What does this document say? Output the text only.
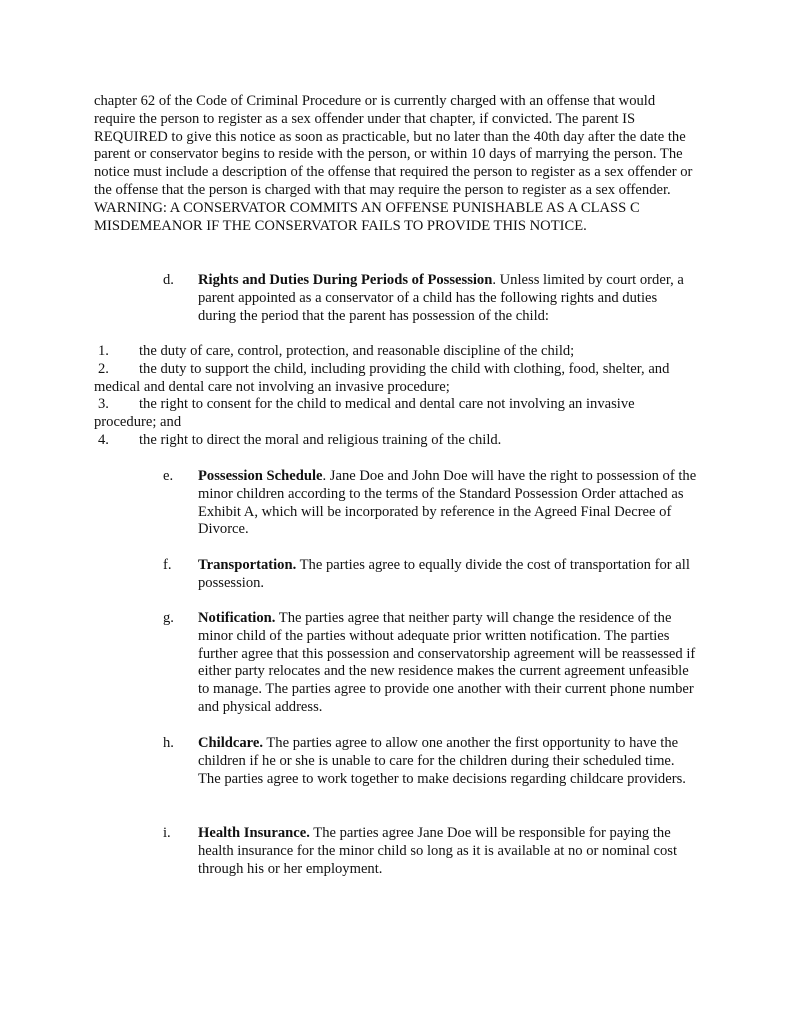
chapter 62 of the Code of Criminal Procedure or is currently charged with an offense that would require the person to register as a sex offender under that chapter, if convicted. The parent IS REQUIRED to give this notice as soon as practicable, but no later than the 40th day after the date the parent or conservator begins to reside with the person, or within 10 days of marrying the person. The notice must include a description of the offense that required the person to register as a sex offender or the offense that the person is charged with that may require the person to register as a sex offender. WARNING: A CONSERVATOR COMMITS AN OFFENSE PUNISHABLE AS A CLASS C MISDEMEANOR IF THE CONSERVATOR FAILS TO PROVIDE THIS NOTICE.

d.	Rights and Duties During Periods of Possession. Unless limited by court order, a parent appointed as a conservator of a child has the following rights and duties during the period that the parent has possession of the child:
1. the duty of care, control, protection, and reasonable discipline of the child;
2. the duty to support the child, including providing the child with clothing, food, shelter, and medical and dental care not involving an invasive procedure;
3. the right to consent for the child to medical and dental care not involving an invasive procedure; and
4. the right to direct the moral and religious training of the child.
e.	Possession Schedule. Jane Doe and John Doe will have the right to possession of the minor children according to the terms of the Standard Possession Order attached as Exhibit A, which will be incorporated by reference in the Agreed Final Decree of Divorce.
f.	Transportation. The parties agree to equally divide the cost of transportation for all possession.
g.	Notification. The parties agree that neither party will change the residence of the minor child of the parties without adequate prior written notification. The parties further agree that this possession and conservatorship agreement will be reassessed if either party relocates and the new residence makes the current agreement unfeasible to manage. The parties agree to provide one another with their current phone number and physical address.
h.	Childcare. The parties agree to allow one another the first opportunity to have the children if he or she is unable to care for the children during their scheduled time. The parties agree to work together to make decisions regarding childcare providers.
i.	Health Insurance. The parties agree Jane Doe will be responsible for paying the health insurance for the minor child so long as it is available at no or nominal cost through his or her employment.
